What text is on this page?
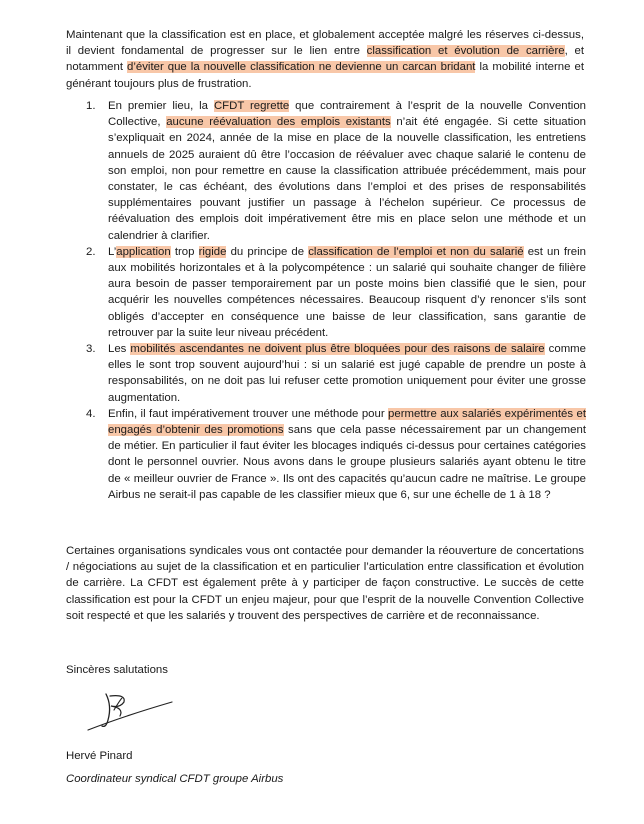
Maintenant que la classification est en place, et globalement acceptée malgré les réserves ci-dessus, il devient fondamental de progresser sur le lien entre classification et évolution de carrière, et notamment d’éviter que la nouvelle classification ne devienne un carcan bridant la mobilité interne et générant toujours plus de frustration.

1. En premier lieu, la CFDT regrette que contrairement à l’esprit de la nouvelle Convention Collective, aucune réévaluation des emplois existants n’ait été engagée. Si cette situation s’expliquait en 2024, année de la mise en place de la nouvelle classification, les entretiens annuels de 2025 auraient dû être l’occasion de réévaluer avec chaque salarié le contenu de son emploi, non pour remettre en cause la classification attribuée précédemment, mais pour constater, le cas échéant, des évolutions dans l’emploi et des prises de responsabilités supplémentaires pouvant justifier un passage à l’échelon supérieur. Ce processus de réévaluation des emplois doit impérativement être mis en place selon une méthode et un calendrier à clarifier.
2. L’application trop rigide du principe de classification de l’emploi et non du salarié est un frein aux mobilités horizontales et à la polycompétence : un salarié qui souhaite changer de filière aura besoin de passer temporairement par un poste moins bien classifié que le sien, pour acquérir les nouvelles compétences nécessaires. Beaucoup risquent d’y renoncer s’ils sont obligés d’accepter en conséquence une baisse de leur classification, sans garantie de retrouver par la suite leur niveau précédent.
3. Les mobilités ascendantes ne doivent plus être bloquées pour des raisons de salaire comme elles le sont trop souvent aujourd’hui : si un salarié est jugé capable de prendre un poste à responsabilités, on ne doit pas lui refuser cette promotion uniquement pour éviter une grosse augmentation.
4. Enfin, il faut impérativement trouver une méthode pour permettre aux salariés expérimentés et engagés d’obtenir des promotions sans que cela passe nécessairement par un changement de métier. En particulier il faut éviter les blocages indiqués ci-dessus pour certaines catégories dont le personnel ouvrier. Nous avons dans le groupe plusieurs salariés ayant obtenu le titre de « meilleur ouvrier de France ». Ils ont des capacités qu’aucun cadre ne maîtrise. Le groupe Airbus ne serait-il pas capable de les classifier mieux que 6, sur une échelle de 1 à 18 ?

Certaines organisations syndicales vous ont contactée pour demander la réouverture de concertations / négociations au sujet de la classification et en particulier l’articulation entre classification et évolution de carrière. La CFDT est également prête à y participer de façon constructive. Le succès de cette classification est pour la CFDT un enjeu majeur, pour que l’esprit de la nouvelle Convention Collective soit respecté et que les salariés y trouvent des perspectives de carrière et de reconnaissance.

Sincères salutations
Hervé Pinard
Coordinateur syndical CFDT groupe Airbus
